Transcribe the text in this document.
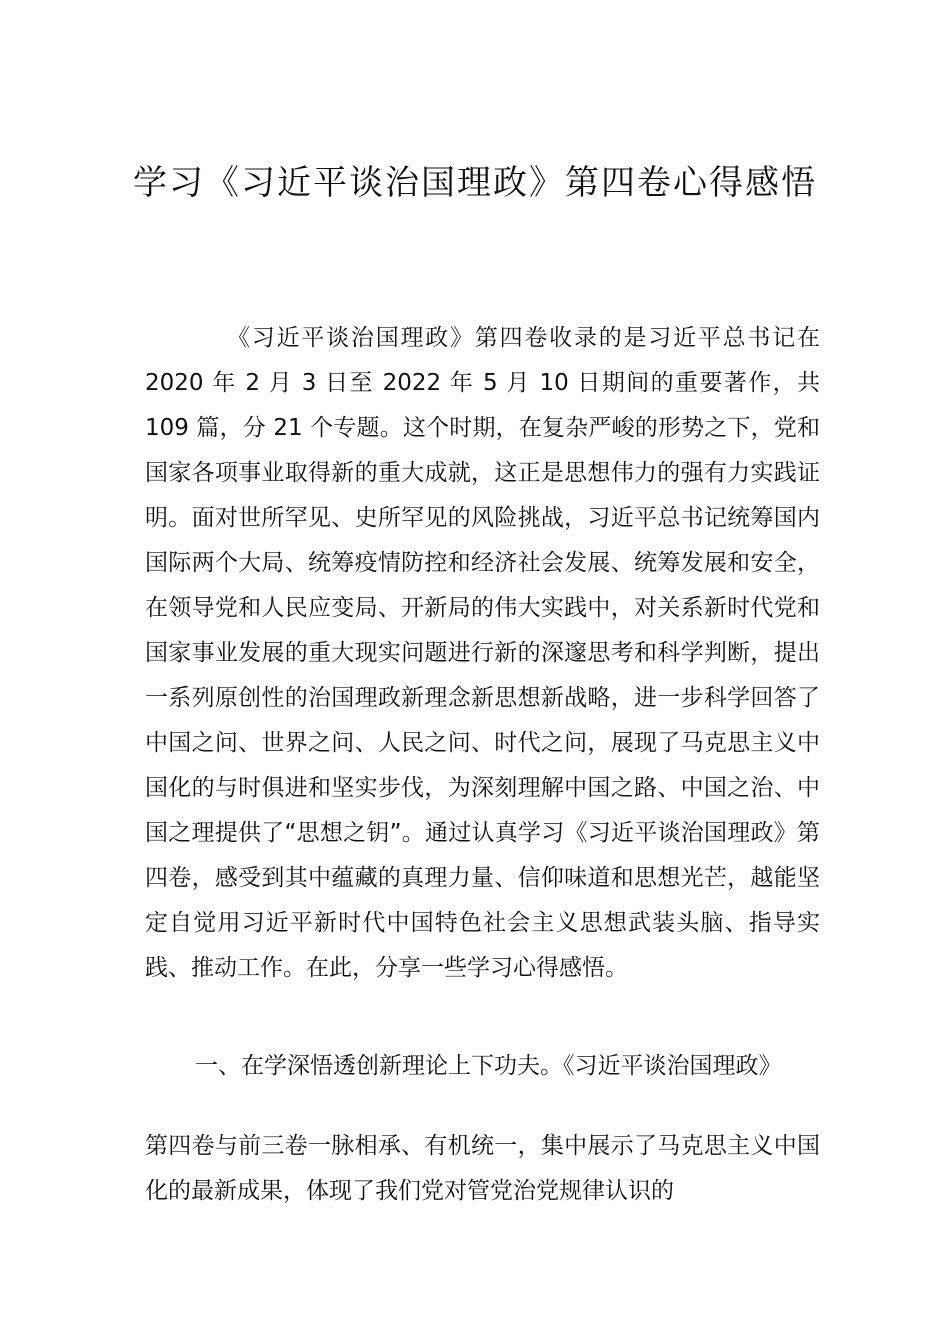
学习《习近平谈治国理政》第四卷心得感悟

《习近平谈治国理政》第四卷收录的是习近平总书记在 2020 年 2 月 3 日至 2022 年 5 月 10 日期间的重要著作，共 109 篇，分 21 个专题。这个时期，在复杂严峻的形势之下，党和国家各项事业取得新的重大成就，这正是思想伟力的强有力实践证明。面对世所罕见、史所罕见的风险挑战，习近平总书记统筹国内国际两个大局、统筹疫情防控和经济社会发展、统筹发展和安全，在领导党和人民应变局、开新局的伟大实践中，对关系新时代党和国家事业发展的重大现实问题进行新的深邃思考和科学判断，提出一系列原创性的治国理政新理念新思想新战略，进一步科学回答了中国之问、世界之问、人民之问、时代之问，展现了马克思主义中国化的与时俱进和坚实步伐，为深刻理解中国之路、中国之治、中国之理提供了“思想之钥”。通过认真学习《习近平谈治国理政》第四卷，感受到其中蕴藏的真理力量、信仰味道和思想光芒，越能坚定自觉用习近平新时代中国特色社会主义思想武装头脑、指导实践、推动工作。在此，分享一些学习心得感悟。

一、在学深悟透创新理论上下功夫。《习近平谈治国理政》

第四卷与前三卷一脉相承、有机统一，集中展示了马克思主义中国化的最新成果，体现了我们党对管党治党规律认识的
